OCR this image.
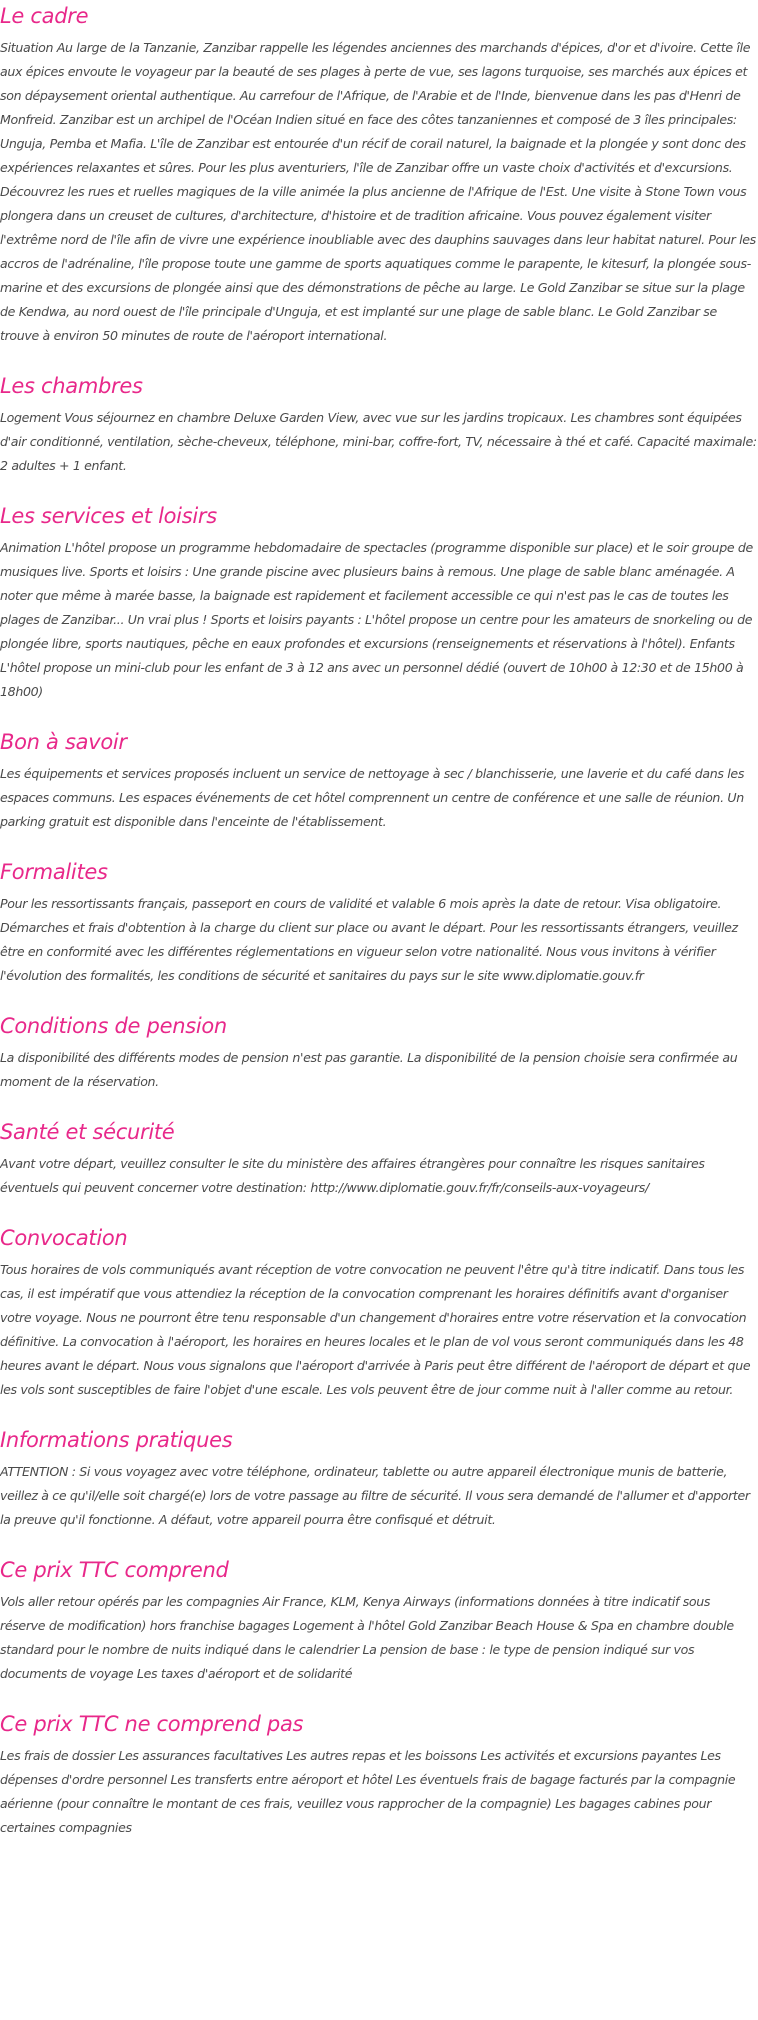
Le cadre

Situation Au large de la Tanzanie, Zanzibar rappelle les légendes anciennes des marchands d'épices, d'or et d'ivoire. Cette île aux épices envoute le voyageur par la beauté de ses plages à perte de vue, ses lagons turquoise, ses marchés aux épices et son dépaysement oriental authentique. Au carrefour de l'Afrique, de l'Arabie et de l'Inde, bienvenue dans les pas d'Henri de Monfreid. Zanzibar est un archipel de l'Océan Indien situé en face des côtes tanzaniennes et composé de 3 îles principales: Unguja, Pemba et Mafia. L'île de Zanzibar est entourée d'un récif de corail naturel, la baignade et la plongée y sont donc des expériences relaxantes et sûres. Pour les plus aventuriers, l'île de Zanzibar offre un vaste choix d'activités et d'excursions. Découvrez les rues et ruelles magiques de la ville animée la plus ancienne de l'Afrique de l'Est. Une visite à Stone Town vous plongera dans un creuset de cultures, d'architecture, d'histoire et de tradition africaine. Vous pouvez également visiter l'extrême nord de l'île afin de vivre une expérience inoubliable avec des dauphins sauvages dans leur habitat naturel. Pour les accros de l'adrénaline, l'île propose toute une gamme de sports aquatiques comme le parapente, le kitesurf, la plongée sous-marine et des excursions de plongée ainsi que des démonstrations de pêche au large. Le Gold Zanzibar se situe sur la plage de Kendwa, au nord ouest de l'île principale d'Unguja, et est implanté sur une plage de sable blanc. Le Gold Zanzibar se trouve à environ 50 minutes de route de l'aéroport international.

Les chambres

Logement Vous séjournez en chambre Deluxe Garden View, avec vue sur les jardins tropicaux. Les chambres sont équipées d'air conditionné, ventilation, sèche-cheveux, téléphone, mini-bar, coffre-fort, TV, nécessaire à thé et café. Capacité maximale: 2 adultes + 1 enfant.

Les services et loisirs

Animation L'hôtel propose un programme hebdomadaire de spectacles (programme disponible sur place) et le soir groupe de musiques live. Sports et loisirs : Une grande piscine avec plusieurs bains à remous. Une plage de sable blanc aménagée. A noter que même à marée basse, la baignade est rapidement et facilement accessible ce qui n'est pas le cas de toutes les plages de Zanzibar... Un vrai plus ! Sports et loisirs payants : L'hôtel propose un centre pour les amateurs de snorkeling ou de plongée libre, sports nautiques, pêche en eaux profondes et excursions (renseignements et réservations à l'hôtel). Enfants L'hôtel propose un mini-club pour les enfant de 3 à 12 ans avec un personnel dédié (ouvert de 10h00 à 12:30 et de 15h00 à 18h00)

Bon à savoir

Les équipements et services proposés incluent un service de nettoyage à sec / blanchisserie, une laverie et du café dans les espaces communs. Les espaces événements de cet hôtel comprennent un centre de conférence et une salle de réunion. Un parking gratuit est disponible dans l'enceinte de l'établissement.

Formalites

Pour les ressortissants français, passeport en cours de validité et valable 6 mois après la date de retour. Visa obligatoire. Démarches et frais d'obtention à la charge du client sur place ou avant le départ. Pour les ressortissants étrangers, veuillez être en conformité avec les différentes réglementations en vigueur selon votre nationalité. Nous vous invitons à vérifier l'évolution des formalités, les conditions de sécurité et sanitaires du pays sur le site www.diplomatie.gouv.fr

Conditions de pension

La disponibilité des différents modes de pension n'est pas garantie. La disponibilité de la pension choisie sera confirmée au moment de la réservation.

Santé et sécurité

Avant votre départ, veuillez consulter le site du ministère des affaires étrangères pour connaître les risques sanitaires éventuels qui peuvent concerner votre destination: http://www.diplomatie.gouv.fr/fr/conseils-aux-voyageurs/

Convocation

Tous horaires de vols communiqués avant réception de votre convocation ne peuvent l'être qu'à titre indicatif. Dans tous les cas, il est impératif que vous attendiez la réception de la convocation comprenant les horaires définitifs avant d'organiser votre voyage. Nous ne pourront être tenu responsable d'un changement d'horaires entre votre réservation et la convocation définitive. La convocation à l'aéroport, les horaires en heures locales et le plan de vol vous seront communiqués dans les 48 heures avant le départ. Nous vous signalons que l'aéroport d'arrivée à Paris peut être différent de l'aéroport de départ et que les vols sont susceptibles de faire l'objet d'une escale. Les vols peuvent être de jour comme nuit à l'aller comme au retour.

Informations pratiques

ATTENTION : Si vous voyagez avec votre téléphone, ordinateur, tablette ou autre appareil électronique munis de batterie, veillez à ce qu'il/elle soit chargé(e) lors de votre passage au filtre de sécurité. Il vous sera demandé de l'allumer et d'apporter la preuve qu'il fonctionne. A défaut, votre appareil pourra être confisqué et détruit.

Ce prix TTC comprend

Vols aller retour opérés par les compagnies Air France, KLM, Kenya Airways (informations données à titre indicatif sous réserve de modification) hors franchise bagages Logement à l'hôtel Gold Zanzibar Beach House & Spa en chambre double standard pour le nombre de nuits indiqué dans le calendrier La pension de base : le type de pension indiqué sur vos documents de voyage Les taxes d'aéroport et de solidarité

Ce prix TTC ne comprend pas

Les frais de dossier Les assurances facultatives Les autres repas et les boissons Les activités et excursions payantes Les dépenses d'ordre personnel Les transferts entre aéroport et hôtel Les éventuels frais de bagage facturés par la compagnie aérienne (pour connaître le montant de ces frais, veuillez vous rapprocher de la compagnie) Les bagages cabines pour certaines compagnies
